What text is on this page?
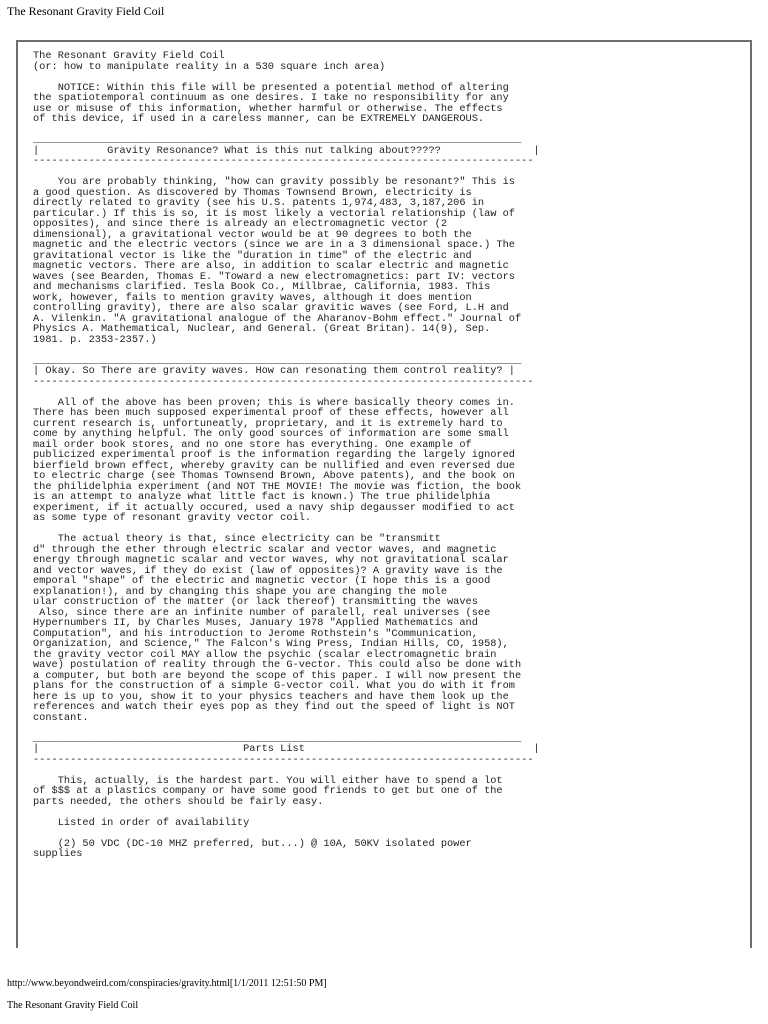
The Resonant Gravity Field Coil
The Resonant Gravity Field Coil
(or: how to manipulate reality in a 530 square inch area)

NOTICE: Within this file will be presented a potential method of altering
the spatiotemporal continuum as one desires. I take no responsibility for any
use or misuse of this information, whether harmful or otherwise. The effects
of this device, if used in a careless manner, can be EXTREMELY DANGEROUS.

_______________________________________________________________________________
|           Gravity Resonance? What is this nut talking about?????               |
---------------------------------------------------------------------------------

You are probably thinking, "how can gravity possibly be resonant?" This is
a good question. As discovered by Thomas Townsend Brown, electricity is
directly related to gravity (see his U.S. patents 1,974,483, 3,187,206 in
particular.) If this is so, it is most likely a vectorial relationship (law of
opposites), and since there is already an electromagnetic vector (2
dimensional), a gravitational vector would be at 90 degrees to both the
magnetic and the electric vectors (since we are in a 3 dimensional space.) The
gravitational vector is like the "duration in time" of the electric and
magnetic vectors. There are also, in addition to scalar electric and magnetic
waves (see Bearden, Thomas E. "Toward a new electromagnetics: part IV: vectors
and mechanisms clarified. Tesla Book Co., Millbrae, California, 1983. This
work, however, fails to mention gravity waves, although it does mention
controlling gravity), there are also scalar gravitic waves (see Ford, L.H and
A. Vilenkin. "A gravitational analogue of the Aharanov-Bohm effect." Journal of
Physics A. Mathematical, Nuclear, and General. (Great Britan). 14(9), Sep.
1981. p. 2353-2357.)

_______________________________________________________________________________
| Okay. So There are gravity waves. How can resonating them control reality? |
---------------------------------------------------------------------------------

All of the above has been proven; this is where basically theory comes in.
There has been much supposed experimental proof of these effects, however all
current research is, unfortuneatly, proprietary, and it is extremely hard to
come by anything helpful. The only good sources of information are some small
mail order book stores, and no one store has everything. One example of
publicized experimental proof is the information regarding the largely ignored
bierfield brown effect, whereby gravity can be nullified and even reversed due
to electric charge (see Thomas Townsend Brown, Above patents), and the book on
the philidelphia experiment (and NOT THE MOVIE! The movie was fiction, the book
is an attempt to analyze what little fact is known.) The true philidelphia
experiment, if it actually occured, used a navy ship degausser modified to act
as some type of resonant gravity vector coil.

The actual theory is that, since electricity can be "transmitt
d" through the ether through electric scalar and vector waves, and magnetic
energy through magnetic scalar and vector waves, why not gravitational scalar
and vector waves, if they do exist (law of opposites)? A gravity wave is the
emporal "shape" of the electric and magnetic vector (I hope this is a good
explanation!), and by changing this shape you are changing the mole
ular construction of the matter (or lack thereof) transmitting the waves
Also, since there are an infinite number of paralell, real universes (see
Hypernumbers II, by Charles Muses, January 1978 "Applied Mathematics and
Computation", and his introduction to Jerome Rothstein's "Communication,
Organization, and Science," The Falcon's Wing Press, Indian Hills, CO, 1958),
the gravity vector coil MAY allow the psychic (scalar electromagnetic brain
wave) postulation of reality through the G-vector. This could also be done with
a computer, but both are beyond the scope of this paper. I will now present the
plans for the construction of a simple G-vector coil. What you do with it from
here is up to you, show it to your physics teachers and have them look up the
references and watch their eyes pop as they find out the speed of light is NOT
constant.

_______________________________________________________________________________
|                                 Parts List                                     |
---------------------------------------------------------------------------------

This, actually, is the hardest part. You will either have to spend a lot
of $$$ at a plastics company or have some good friends to get but one of the
parts needed, the others should be fairly easy.

Listed in order of availability

(2) 50 VDC (DC-10 MHZ preferred, but...) @ 10A, 50KV isolated power
supplies
http://www.beyondweird.com/conspiracies/gravity.html[1/1/2011 12:51:50 PM]
The Resonant Gravity Field Coil
